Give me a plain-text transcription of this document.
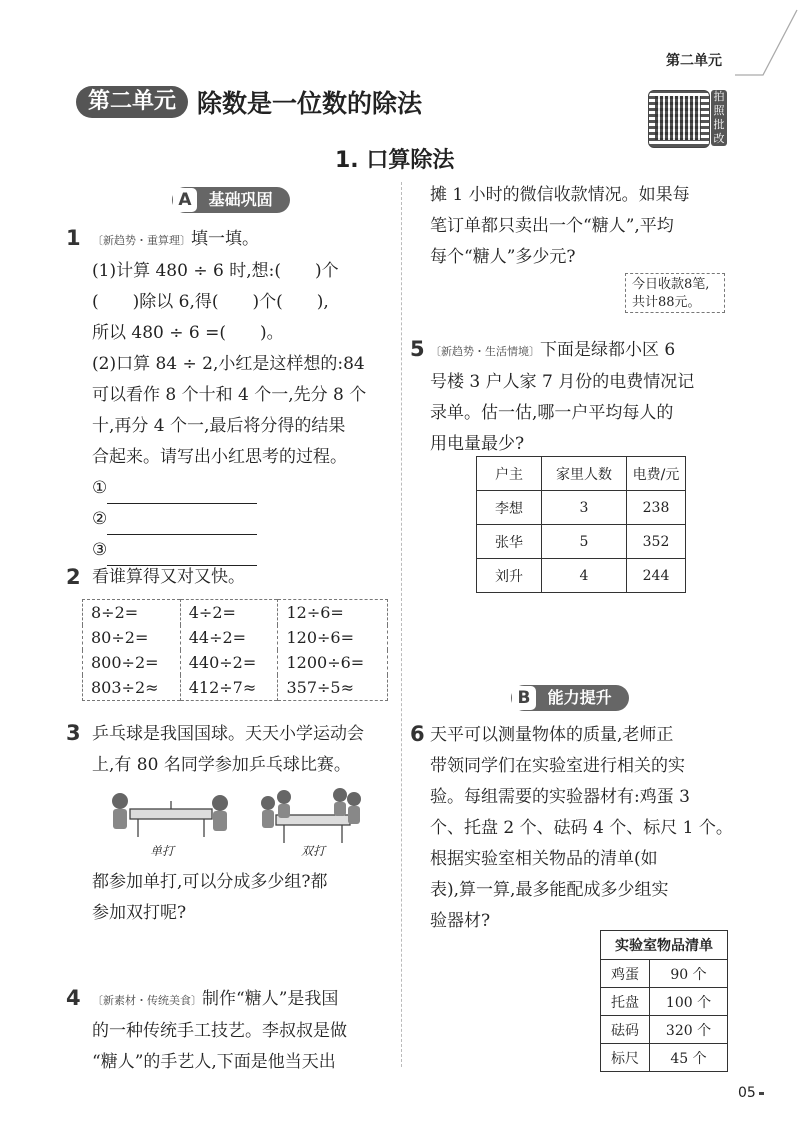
第二单元
第二单元 除数是一位数的除法	拍照批改
1. 口算除法
A 基础巩固
1 〔新趋势・重算理〕填一填。

(1)计算 480 ÷ 6 时,想:(　　)个

(　　)除以 6,得(　　)个(　　),

所以 480 ÷ 6 =(　　)。

(2)口算 84 ÷ 2,小红是这样想的:84

可以看作 8 个十和 4 个一,先分 8 个

十,再分 4 个一,最后将分得的结果

合起来。请写出小红思考的过程。

①

②

③

2 看谁算得又对又快。

8÷2=	4÷2=	12÷6=
80÷2=	44÷2=	120÷6=
800÷2=	440÷2=	1200÷6=
803÷2≈	412÷7≈	357÷5≈
3 乒乓球是我国国球。天天小学运动会

上,有 80 名同学参加乒乓球比赛。

单打	双打

都参加单打,可以分成多少组?都

参加双打呢?

4 〔新素材・传统美食〕制作“糖人”是我国

的一种传统手工技艺。李叔叔是做

“糖人”的手艺人,下面是他当天出

摊 1 小时的微信收款情况。如果每

笔订单都只卖出一个“糖人”,平均

每个“糖人”多少元?

今日收款8笔,
共计88元。
5 〔新趋势・生活情境〕下面是绿都小区 6

号楼 3 户人家 7 月份的电费情况记

录单。估一估,哪一户平均每人的

用电量最少?

户主	家里人数	电费/元
李想	3	238
张华	5	352
刘升	4	244
B 能力提升
6 天平可以测量物体的质量,老师正

带领同学们在实验室进行相关的实

验。每组需要的实验器材有:鸡蛋 3

个、托盘 2 个、砝码 4 个、标尺 1 个。

根据实验室相关物品的清单(如

表),算一算,最多能配成多少组实

验器材?

实验室物品清单	
鸡蛋	90 个
托盘	100 个
砝码	320 个
标尺	45 个
05
